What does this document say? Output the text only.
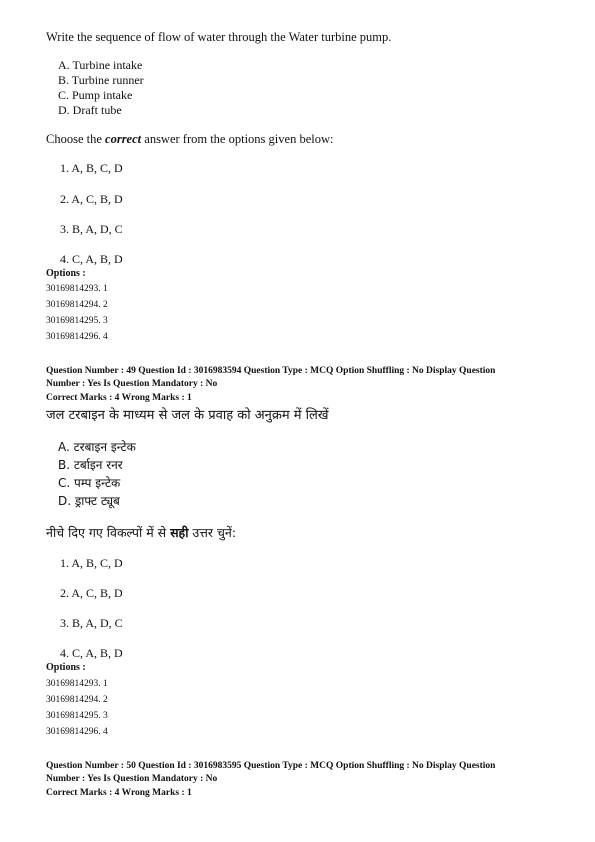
Write the sequence of flow of water through the Water turbine pump.
A. Turbine intake
B. Turbine runner
C. Pump intake
D. Draft tube
Choose the correct answer from the options given below:
1. A, B, C, D
2. A, C, B, D
3. B, A, D, C
4. C, A, B, D
Options :
30169814293. 1
30169814294. 2
30169814295. 3
30169814296. 4
Question Number : 49 Question Id : 3016983594 Question Type : MCQ Option Shuffling : No Display Question
Number : Yes Is Question Mandatory : No
Correct Marks : 4 Wrong Marks : 1
जल टरबाइन के माध्यम से जल के प्रवाह को अनुक्रम में लिखें
A. टरबाइन इन्टेक
B. टर्बाइन रनर
C. पम्प इन्टेक
D. ड्राफ्ट ट्यूब
नीचे दिए गए विकल्पों में से सही उत्तर चुनें:
1. A, B, C, D
2. A, C, B, D
3. B, A, D, C
4. C, A, B, D
Options :
30169814293. 1
30169814294. 2
30169814295. 3
30169814296. 4
Question Number : 50 Question Id : 3016983595 Question Type : MCQ Option Shuffling : No Display Question
Number : Yes Is Question Mandatory : No
Correct Marks : 4 Wrong Marks : 1
